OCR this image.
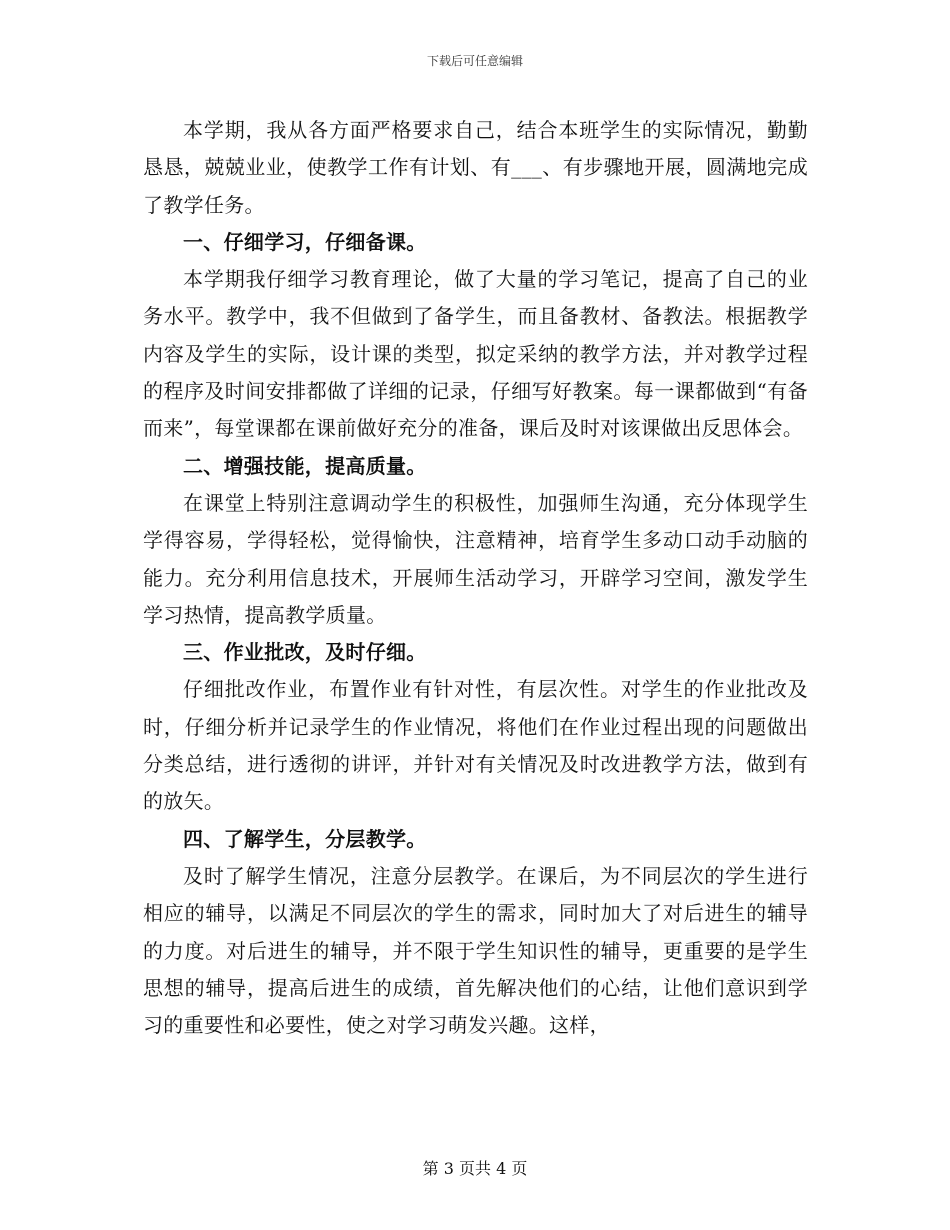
下载后可任意编辑

本学期，我从各方面严格要求自己，结合本班学生的实际情况，勤勤恳恳，兢兢业业，使教学工作有计划、有___、有步骤地开展，圆满地完成了教学任务。

一、仔细学习，仔细备课。

本学期我仔细学习教育理论，做了大量的学习笔记，提高了自己的业务水平。教学中，我不但做到了备学生，而且备教材、备教法。根据教学内容及学生的实际，设计课的类型，拟定采纳的教学方法，并对教学过程的程序及时间安排都做了详细的记录，仔细写好教案。每一课都做到“有备而来”，每堂课都在课前做好充分的准备，课后及时对该课做出反思体会。

二、增强技能，提高质量。

在课堂上特别注意调动学生的积极性，加强师生沟通，充分体现学生学得容易，学得轻松，觉得愉快，注意精神，培育学生多动口动手动脑的能力。充分利用信息技术，开展师生活动学习，开辟学习空间，激发学生学习热情，提高教学质量。

三、作业批改，及时仔细。

仔细批改作业，布置作业有针对性，有层次性。对学生的作业批改及时，仔细分析并记录学生的作业情况，将他们在作业过程出现的问题做出分类总结，进行透彻的讲评，并针对有关情况及时改进教学方法，做到有的放矢。

四、了解学生，分层教学。

及时了解学生情况，注意分层教学。在课后，为不同层次的学生进行相应的辅导，以满足不同层次的学生的需求，同时加大了对后进生的辅导的力度。对后进生的辅导，并不限于学生知识性的辅导，更重要的是学生思想的辅导，提高后进生的成绩，首先解决他们的心结，让他们意识到学习的重要性和必要性，使之对学习萌发兴趣。这样，

第 3 页共 4 页
